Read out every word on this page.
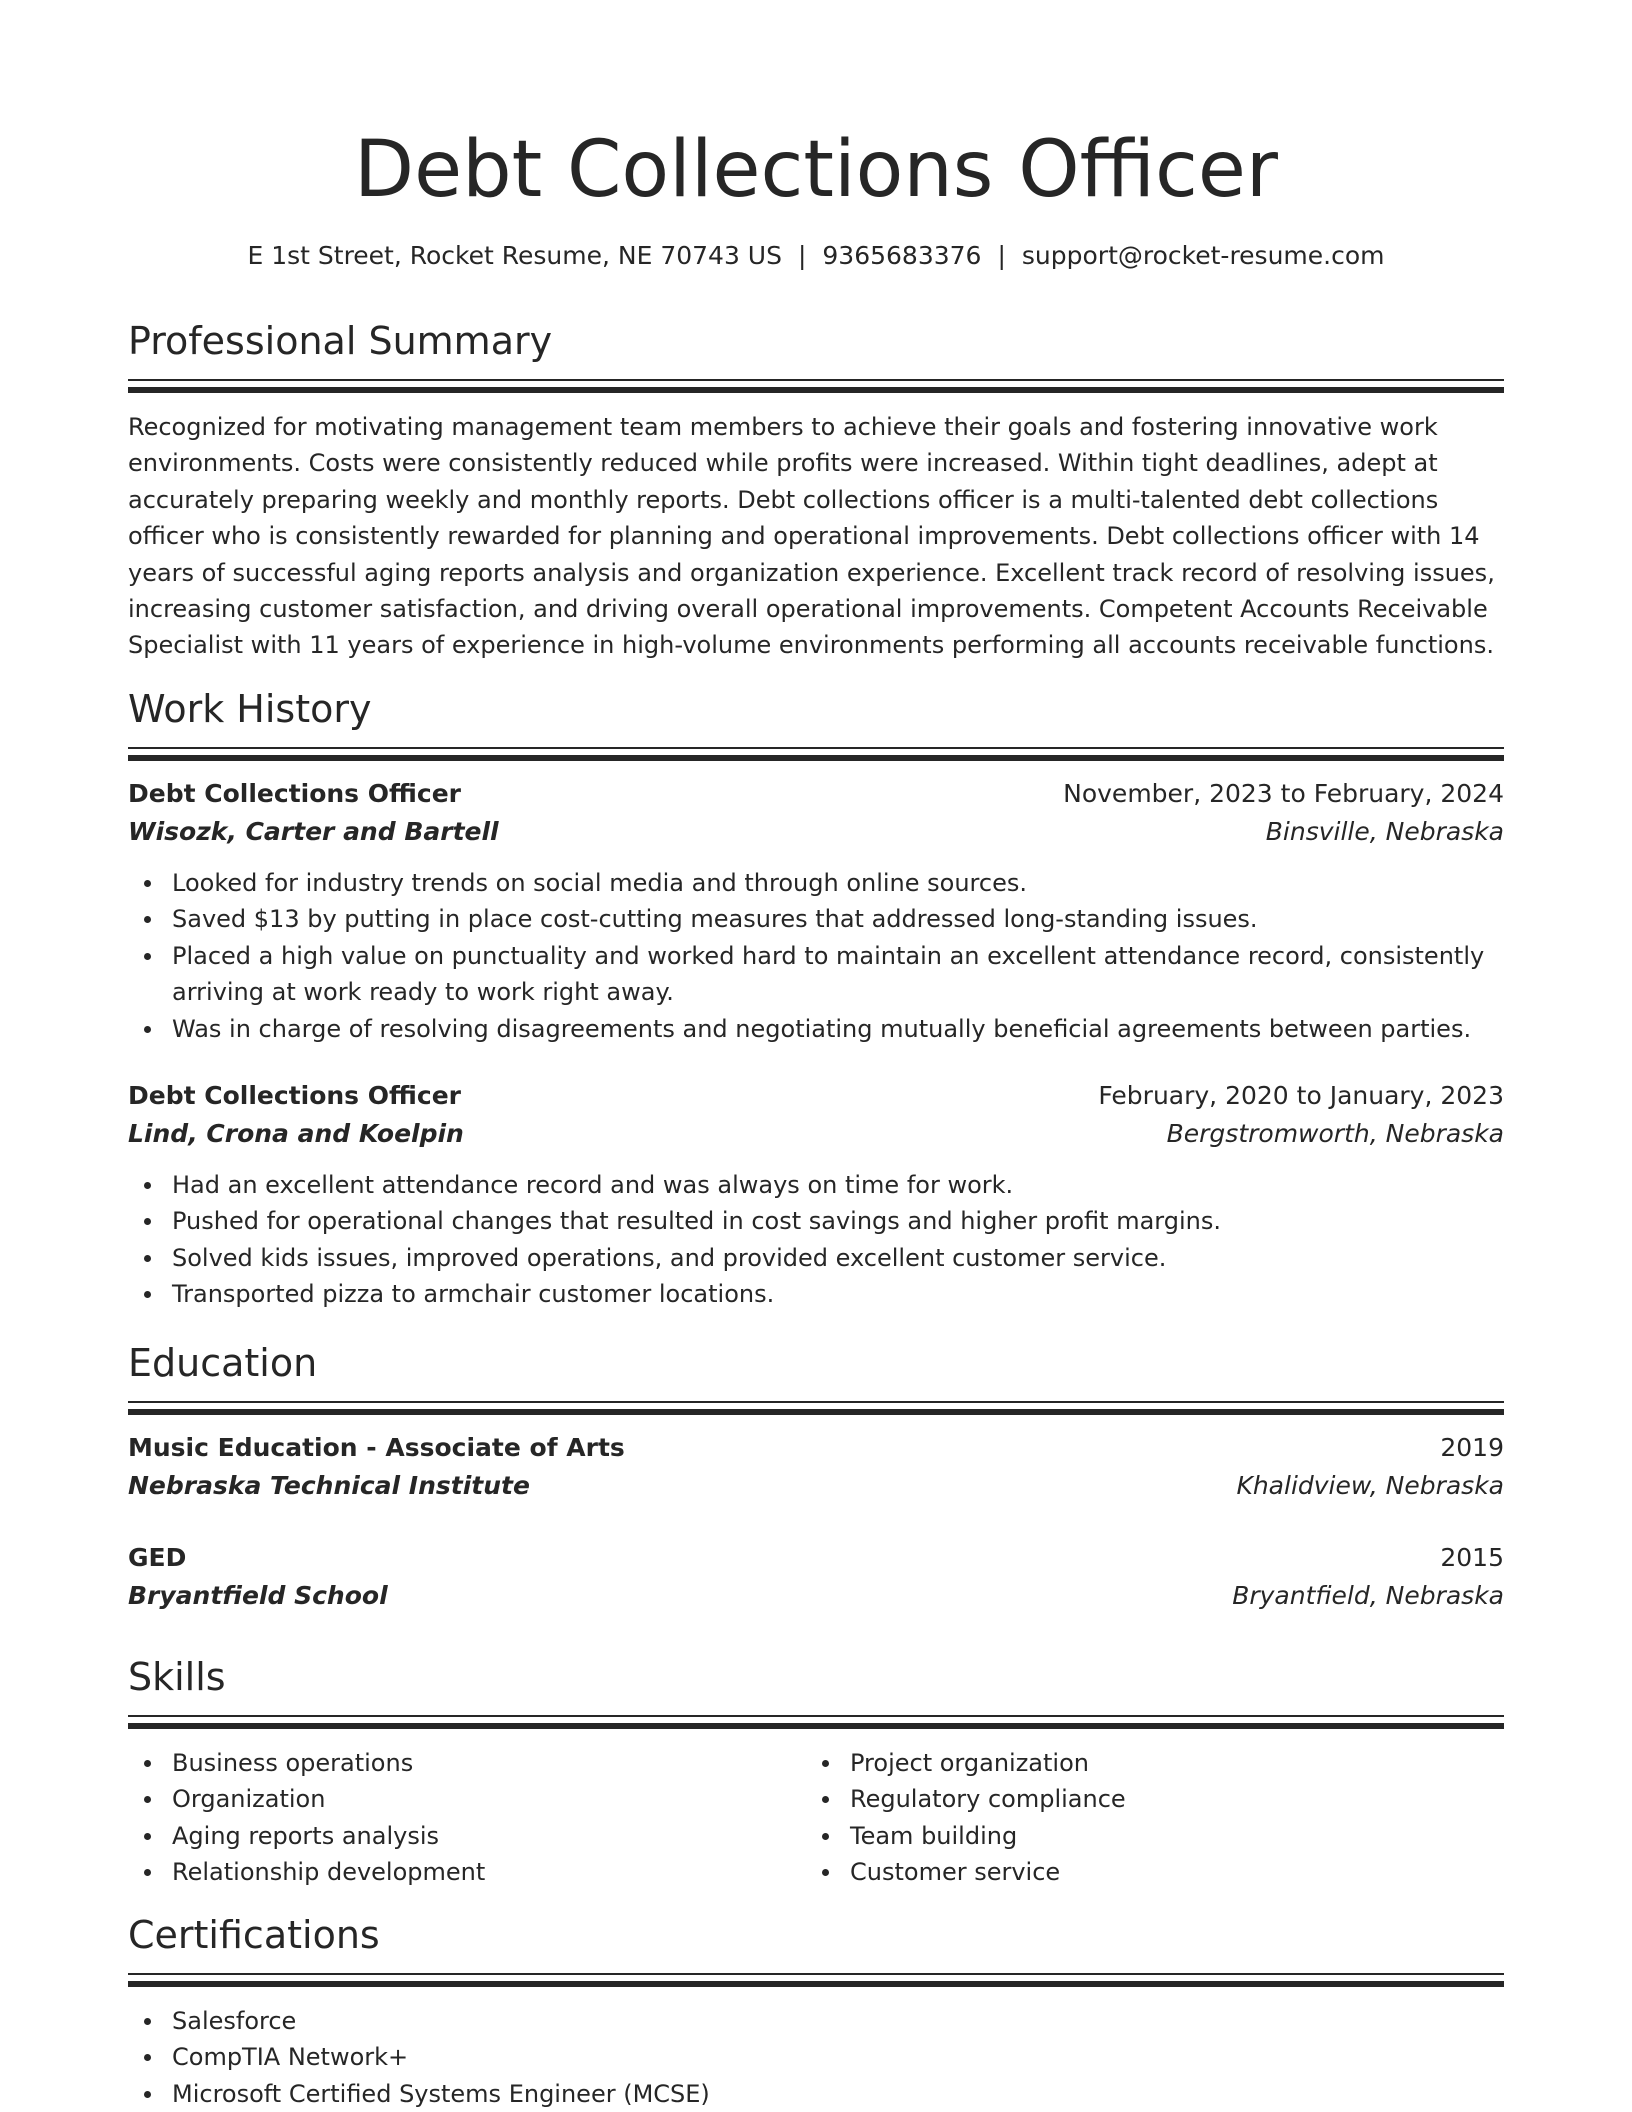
Debt Collections Officer
E 1st Street, Rocket Resume, NE 70743 US | 9365683376 | support@rocket-resume.com
Professional Summary
Recognized for motivating management team members to achieve their goals and fostering innovative work environments. Costs were consistently reduced while profits were increased. Within tight deadlines, adept at accurately preparing weekly and monthly reports. Debt collections officer is a multi-talented debt collections officer who is consistently rewarded for planning and operational improvements. Debt collections officer with 14 years of successful aging reports analysis and organization experience. Excellent track record of resolving issues, increasing customer satisfaction, and driving overall operational improvements. Competent Accounts Receivable Specialist with 11 years of experience in high-volume environments performing all accounts receivable functions.
Work History
Debt Collections Officer	November, 2023 to February, 2024
Wisozk, Carter and Bartell	Binsville, Nebraska
Looked for industry trends on social media and through online sources.
Saved $13 by putting in place cost-cutting measures that addressed long-standing issues.
Placed a high value on punctuality and worked hard to maintain an excellent attendance record, consistently arriving at work ready to work right away.
Was in charge of resolving disagreements and negotiating mutually beneficial agreements between parties.
Debt Collections Officer	February, 2020 to January, 2023
Lind, Crona and Koelpin	Bergstromworth, Nebraska
Had an excellent attendance record and was always on time for work.
Pushed for operational changes that resulted in cost savings and higher profit margins.
Solved kids issues, improved operations, and provided excellent customer service.
Transported pizza to armchair customer locations.
Education
Music Education - Associate of Arts	2019
Nebraska Technical Institute	Khalidview, Nebraska
GED	2015
Bryantfield School	Bryantfield, Nebraska
Skills
Business operations
Organization
Aging reports analysis
Relationship development
Project organization
Regulatory compliance
Team building
Customer service
Certifications
Salesforce
CompTIA Network+
Microsoft Certified Systems Engineer (MCSE)
